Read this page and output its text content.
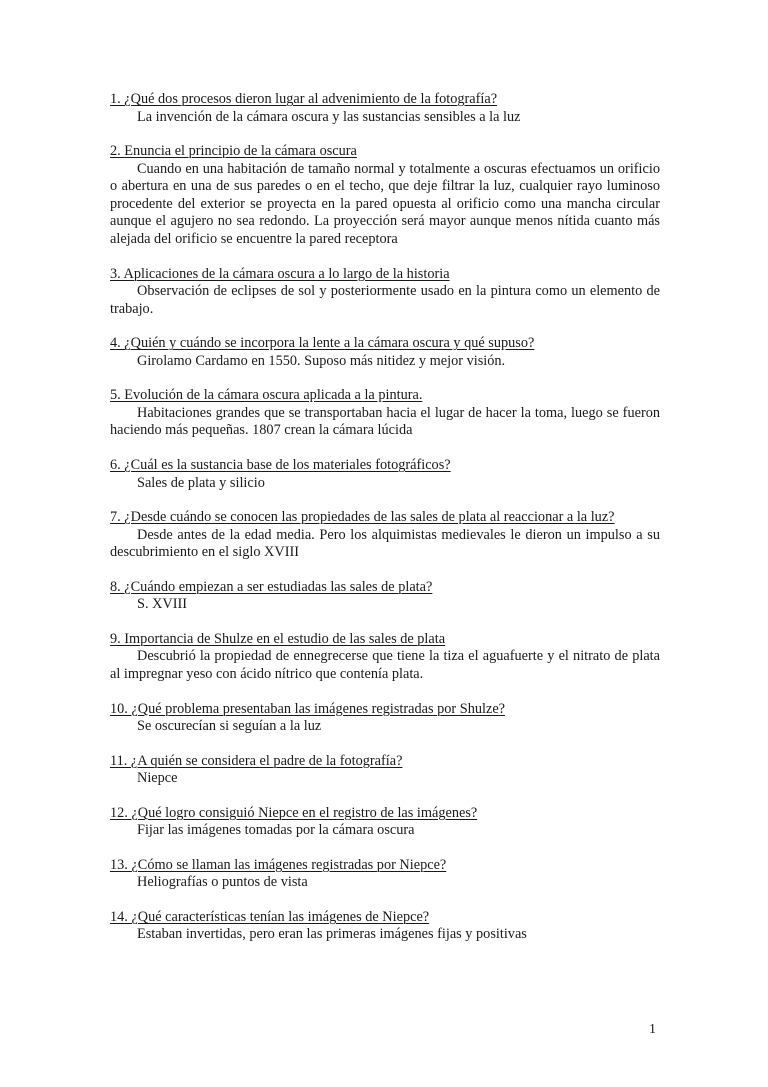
1. ¿Qué dos procesos dieron lugar al advenimiento de la fotografía?

La invención de la cámara oscura y las sustancias sensibles a la luz

2. Enuncia el principio de la cámara oscura

Cuando en una habitación de tamaño normal y totalmente a oscuras efectuamos un orificio o abertura en una de sus paredes o en el techo, que deje filtrar la luz, cualquier rayo luminoso procedente del exterior se proyecta en la pared opuesta al orificio como una mancha circular aunque el agujero no sea redondo. La proyección será mayor aunque menos nítida cuanto más alejada del orificio se encuentre la pared receptora

3. Aplicaciones de la cámara oscura a lo largo de la historia

Observación de eclipses de sol y posteriormente usado en la pintura como un elemento de trabajo.

4. ¿Quién y cuándo se incorpora la lente a la cámara oscura y qué supuso?

Girolamo Cardamo en 1550. Suposo más nitidez y mejor visión.

5. Evolución de la cámara oscura aplicada a la pintura.

Habitaciones grandes que se transportaban hacia el lugar de hacer la toma, luego se fueron haciendo más pequeñas. 1807 crean la cámara lúcida

6. ¿Cuál es la sustancia base de los materiales fotográficos?

Sales de plata y silicio

7. ¿Desde cuándo se conocen las propiedades de las sales de plata al reaccionar a la luz?

Desde antes de la edad media. Pero los alquimistas medievales le dieron un impulso a su descubrimiento en el siglo XVIII

8. ¿Cuándo empiezan a ser estudiadas las sales de plata?

S. XVIII

9. Importancia de Shulze en el estudio de las sales de plata

Descubrió la propiedad de ennegrecerse que tiene la tiza el aguafuerte y el nitrato de plata al impregnar yeso con ácido nítrico que contenía plata.

10. ¿Qué problema presentaban las imágenes registradas por Shulze?

Se oscurecían si seguían a la luz

11. ¿A quién se considera el padre de la fotografía?

Niepce

12. ¿Qué logro consiguió Niepce en el registro de las imágenes?

Fijar las imágenes tomadas por la cámara oscura

13. ¿Cómo se llaman las imágenes registradas por Niepce?

Heliografías o puntos de vista

14. ¿Qué características tenían las imágenes de Niepce?

Estaban invertidas, pero eran las primeras imágenes fijas y positivas

1
